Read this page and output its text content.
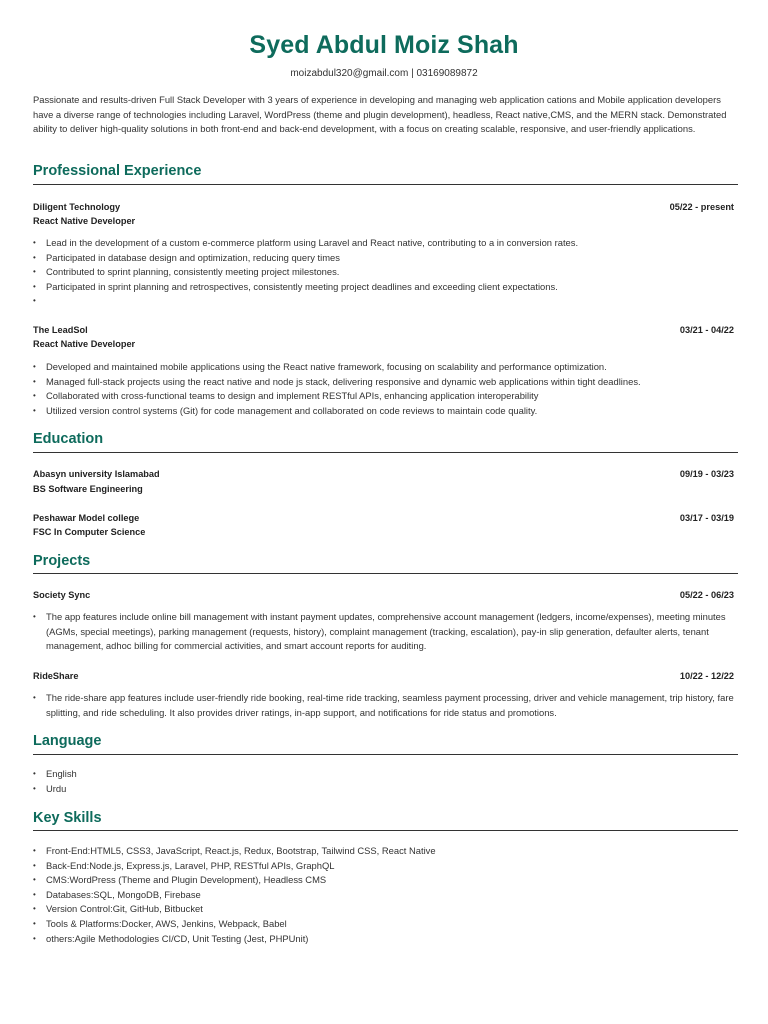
Syed Abdul Moiz Shah
moizabdul320@gmail.com | 03169089872
Passionate and results-driven Full Stack Developer with 3 years of experience in developing and managing web application cations and Mobile application developers have a diverse range of technologies including Laravel, WordPress (theme and plugin development), headless, React native,CMS, and the MERN stack. Demonstrated ability to deliver high-quality solutions in both front-end and back-end development, with a focus on creating scalable, responsive, and user-friendly applications.
Professional Experience
Diligent Technology	05/22 - present
React Native Developer
• Lead in the development of a custom e-commerce platform using Laravel and React native, contributing to a in conversion rates.
• Participated in database design and optimization, reducing query times
• Contributed to sprint planning, consistently meeting project milestones.
• Participated in sprint planning and retrospectives, consistently meeting project deadlines and exceeding client expectations.
•
The LeadSol	03/21 - 04/22
React Native Developer
• Developed and maintained mobile applications using the React native framework, focusing on scalability and performance optimization.
• Managed full-stack projects using the react native and node js stack, delivering responsive and dynamic web applications within tight deadlines.
• Collaborated with cross-functional teams to design and implement RESTful APIs, enhancing application interoperability
• Utilized version control systems (Git) for code management and collaborated on code reviews to maintain code quality.
Education
Abasyn university Islamabad	09/19 - 03/23
BS Software Engineering
Peshawar Model college	03/17 - 03/19
FSC In Computer Science
Projects
Society Sync	05/22 - 06/23
• The app features include online bill management with instant payment updates, comprehensive account management (ledgers, income/expenses), meeting minutes (AGMs, special meetings), parking management (requests, history), complaint management (tracking, escalation), pay-in slip generation, defaulter alerts, tenant management, adhoc billing for commercial activities, and smart account reports for auditing.
RideShare	10/22 - 12/22
• The ride-share app features include user-friendly ride booking, real-time ride tracking, seamless payment processing, driver and vehicle management, trip history, fare splitting, and ride scheduling. It also provides driver ratings, in-app support, and notifications for ride status and promotions.
Language
• English
• Urdu
Key Skills
• Front-End:HTML5, CSS3, JavaScript, React.js, Redux, Bootstrap, Tailwind CSS, React Native
• Back-End:Node.js, Express.js, Laravel, PHP, RESTful APIs, GraphQL
• CMS:WordPress (Theme and Plugin Development), Headless CMS
• Databases:SQL, MongoDB, Firebase
• Version Control:Git, GitHub, Bitbucket
• Tools & Platforms:Docker, AWS, Jenkins, Webpack, Babel
• others:Agile Methodologies CI/CD, Unit Testing (Jest, PHPUnit)
